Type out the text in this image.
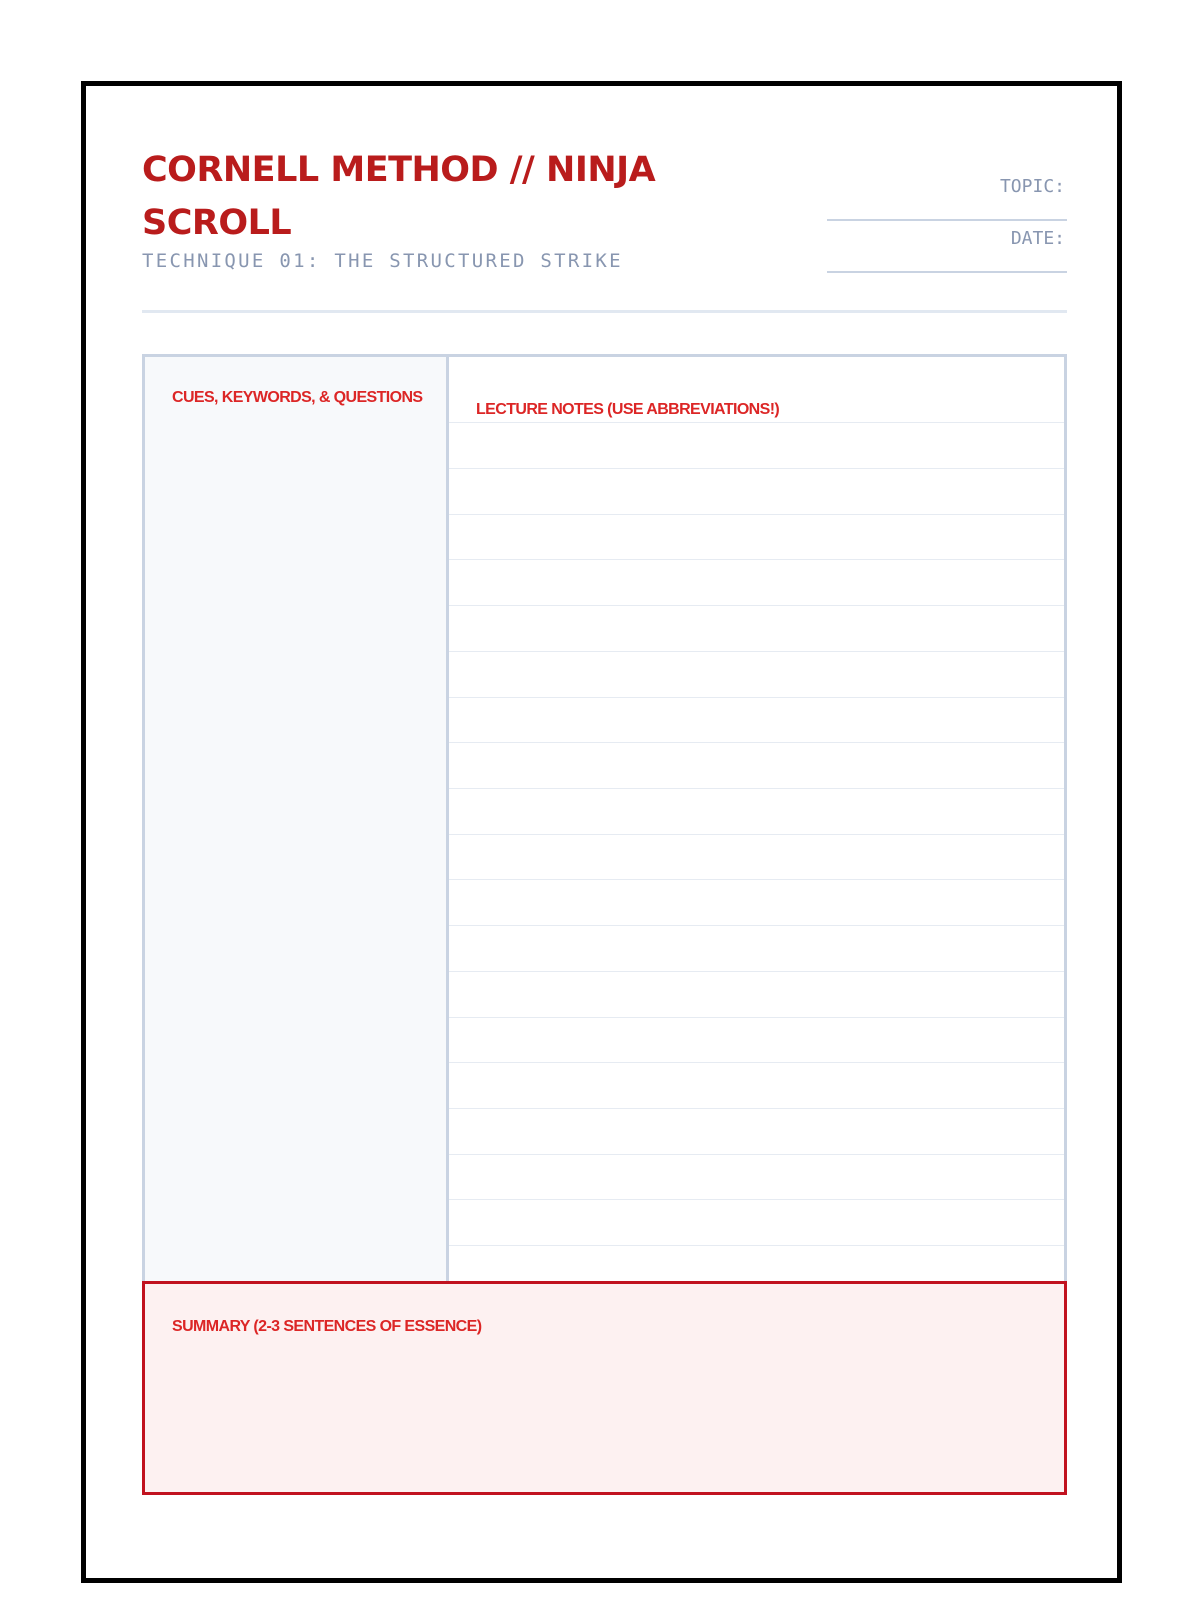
CORNELL METHOD // NINJA SCROLL
TECHNIQUE 01: THE STRUCTURED STRIKE
TOPIC:
DATE:
CUES, KEYWORDS, & QUESTIONS
LECTURE NOTES (USE ABBREVIATIONS!)
SUMMARY (2-3 SENTENCES OF ESSENCE)
